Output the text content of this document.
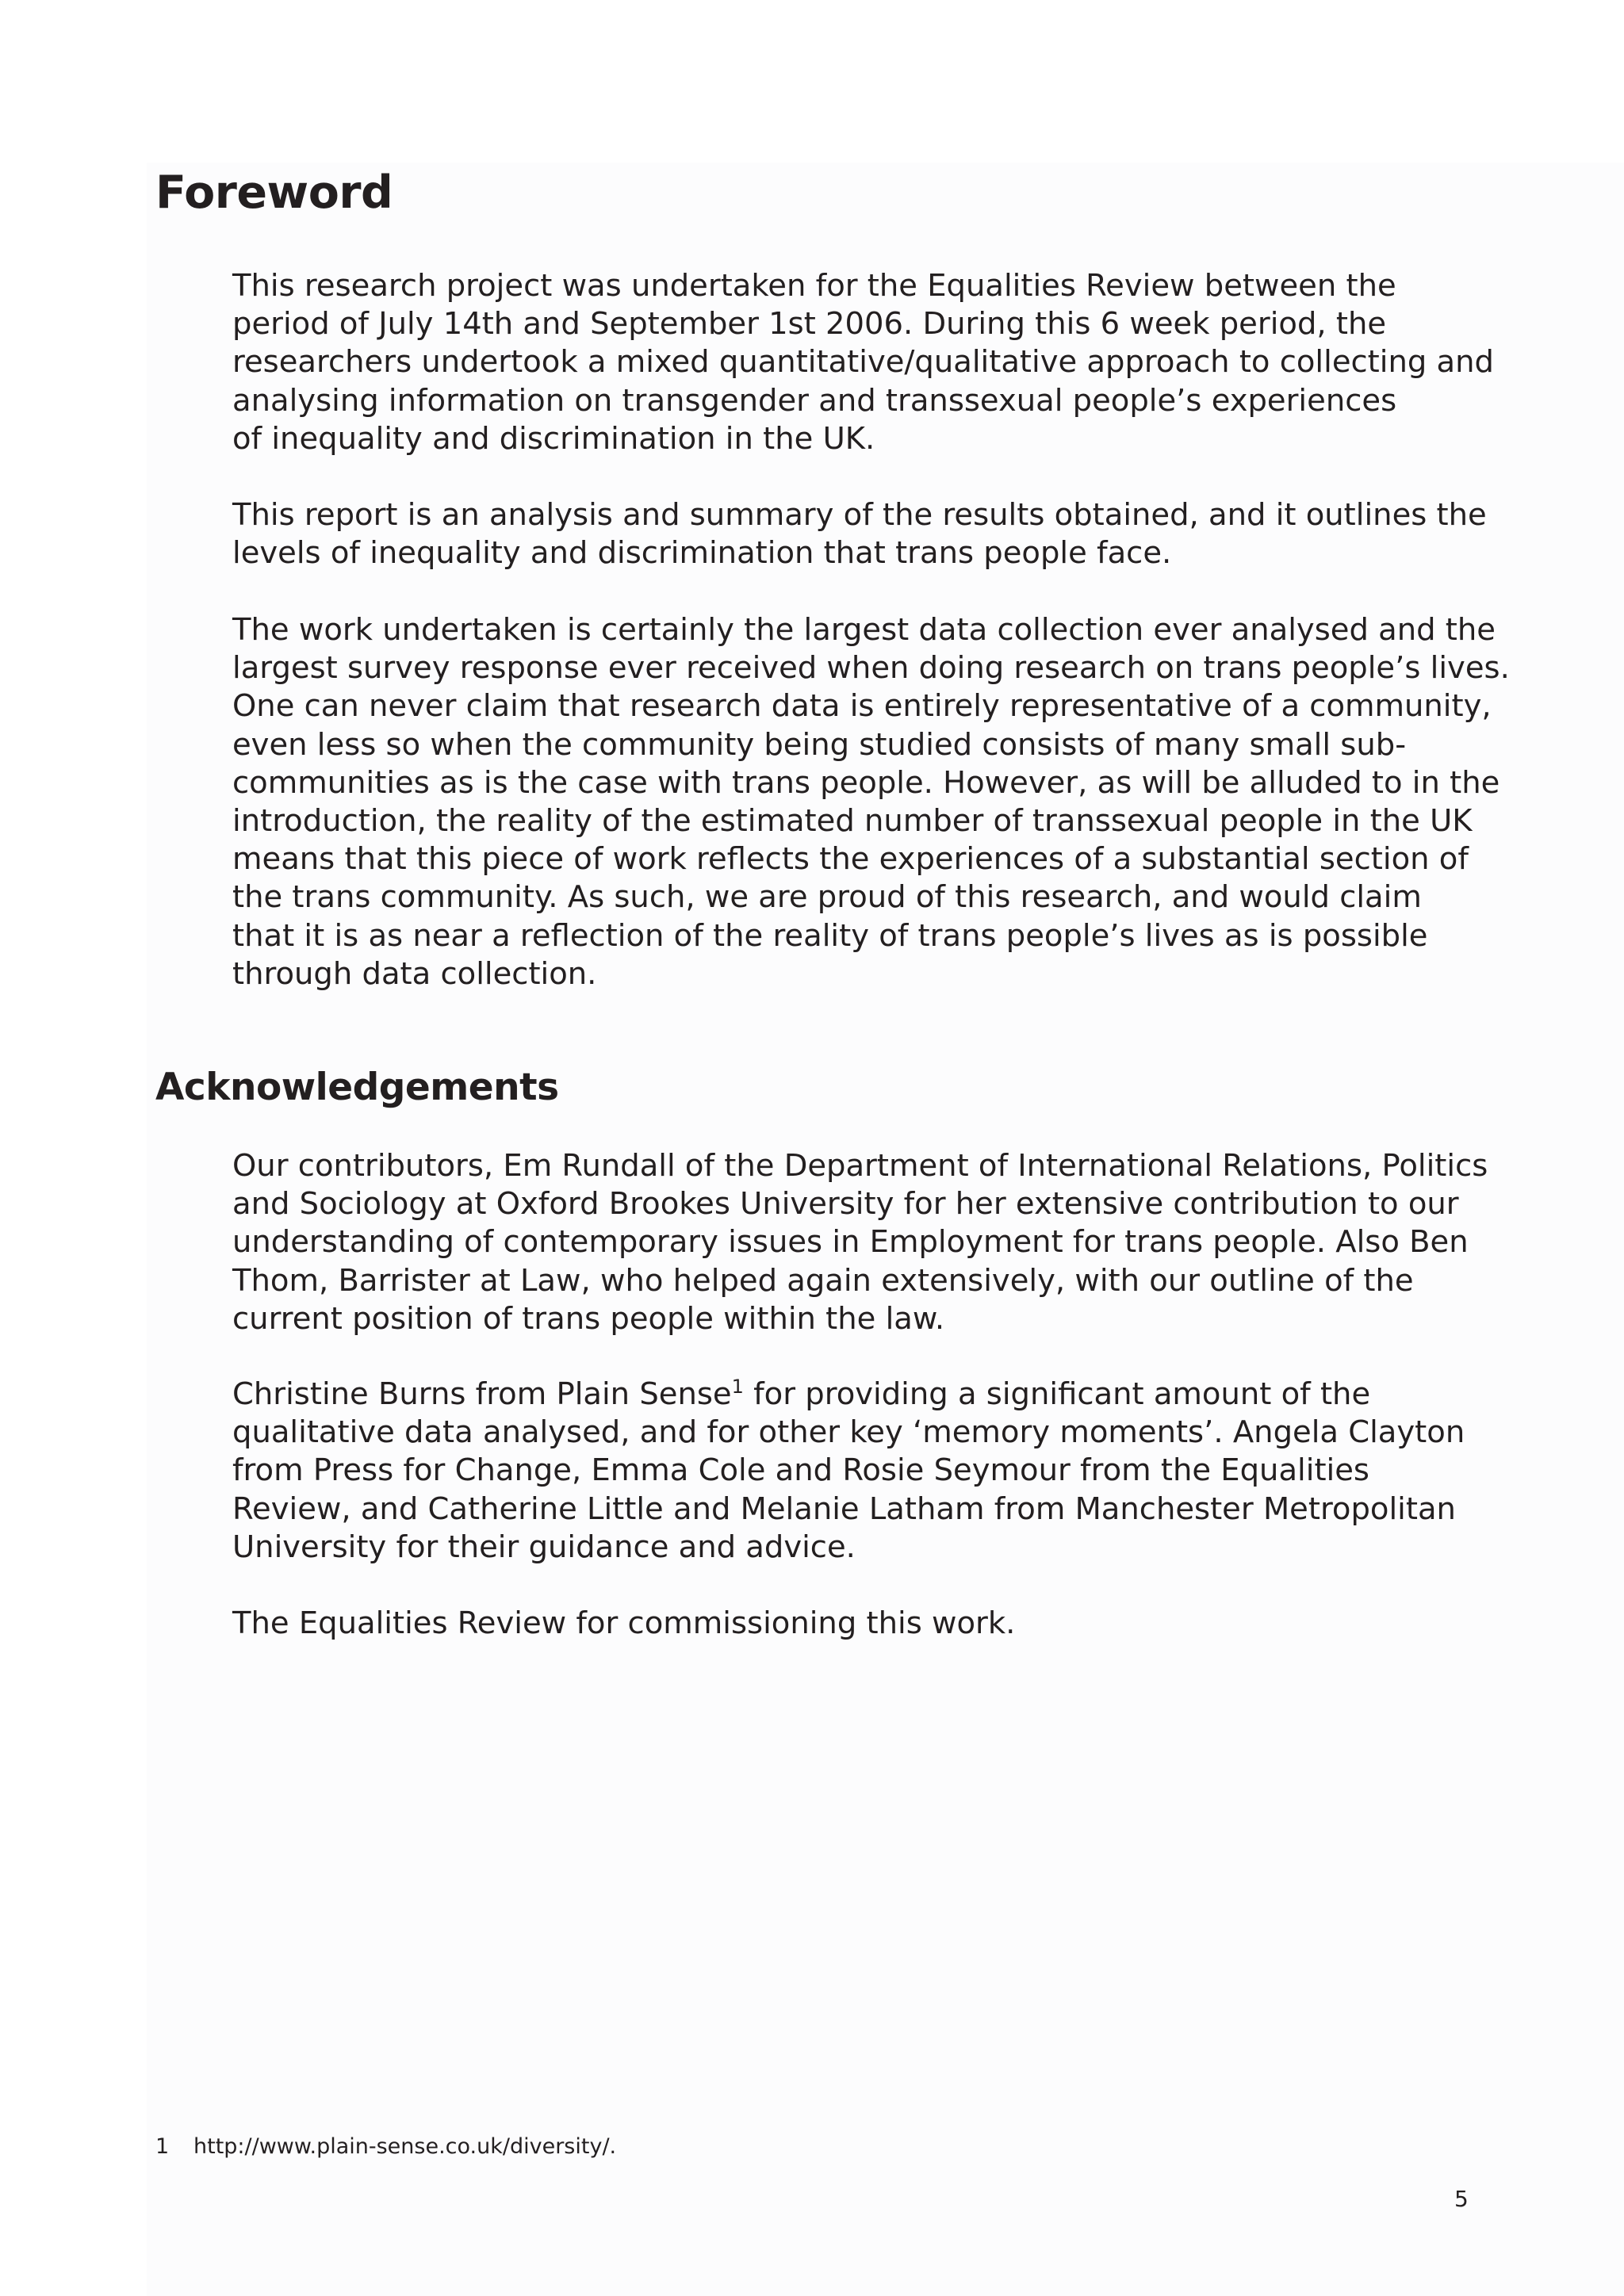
Foreword

This research project was undertaken for the Equalities Review between the
period of July 14th and September 1st 2006. During this 6 week period, the
researchers undertook a mixed quantitative/qualitative approach to collecting and
analysing information on transgender and transsexual people’s experiences
of inequality and discrimination in the UK.

This report is an analysis and summary of the results obtained, and it outlines the
levels of inequality and discrimination that trans people face.

The work undertaken is certainly the largest data collection ever analysed and the
largest survey response ever received when doing research on trans people’s lives.
One can never claim that research data is entirely representative of a community,
even less so when the community being studied consists of many small sub-
communities as is the case with trans people. However, as will be alluded to in the
introduction, the reality of the estimated number of transsexual people in the UK
means that this piece of work reflects the experiences of a substantial section of
the trans community. As such, we are proud of this research, and would claim
that it is as near a reflection of the reality of trans people’s lives as is possible
through data collection.

Acknowledgements

Our contributors, Em Rundall of the Department of International Relations, Politics
and Sociology at Oxford Brookes University for her extensive contribution to our
understanding of contemporary issues in Employment for trans people. Also Ben
Thom, Barrister at Law, who helped again extensively, with our outline of the
current position of trans people within the law.

Christine Burns from Plain Sense$^1$ for providing a significant amount of the
qualitative data analysed, and for other key ‘memory moments’. Angela Clayton
from Press for Change, Emma Cole and Rosie Seymour from the Equalities
Review, and Catherine Little and Melanie Latham from Manchester Metropolitan
University for their guidance and advice.

The Equalities Review for commissioning this work.

1 http://www.plain-sense.co.uk/diversity/.
5
